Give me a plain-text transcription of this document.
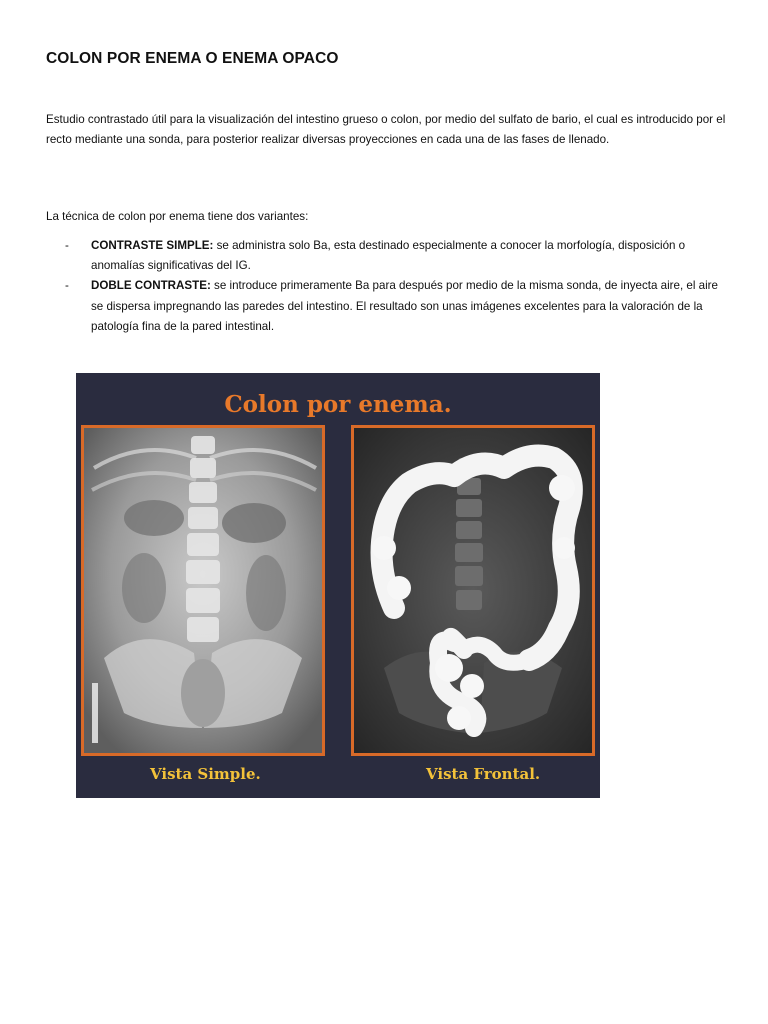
COLON POR ENEMA O ENEMA OPACO
Estudio contrastado útil para la visualización del intestino grueso o colon, por medio del sulfato de bario, el cual es introducido por el recto mediante una sonda, para posterior realizar diversas proyecciones en cada una de las fases de llenado.
La técnica de colon por enema tiene dos variantes:
- CONTRASTE SIMPLE: se administra solo Ba, esta destinado especialmente a conocer la morfología, disposición o anomalías significativas del IG.
- DOBLE CONTRASTE: se introduce primeramente Ba para después por medio de la misma sonda, de inyecta aire, el aire se dispersa impregnando las paredes del intestino. El resultado son unas imágenes excelentes para la valoración de la patología fina de la pared intestinal.
Colon por enema.
Vista Simple.	Vista Frontal.
